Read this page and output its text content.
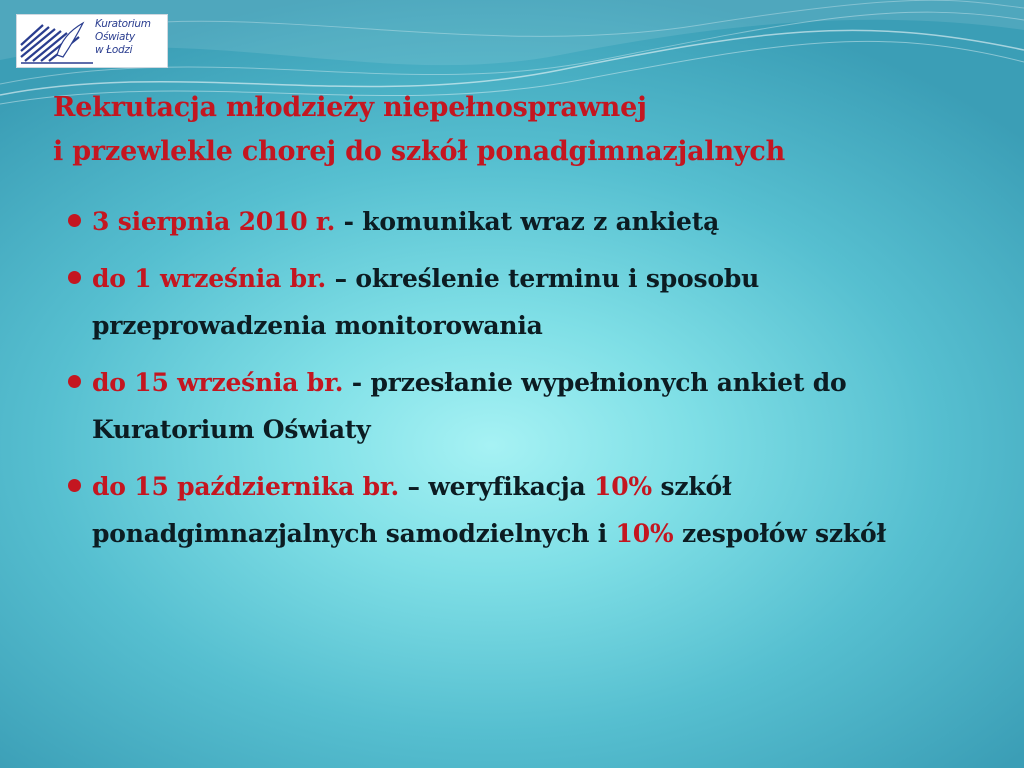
Kuratorium
Oświaty
w Łodzi
Rekrutacja młodzieży niepełnosprawnej
i przewlekle chorej do szkół ponadgimnazjalnych
3 sierpnia 2010 r. - komunikat wraz z ankietą
do 1 września br. – określenie terminu i sposobu przeprowadzenia monitorowania
do 15 września br. - przesłanie wypełnionych ankiet do Kuratorium Oświaty
do 15 października br. – weryfikacja 10% szkół ponadgimnazjalnych samodzielnych i 10% zespołów szkół
